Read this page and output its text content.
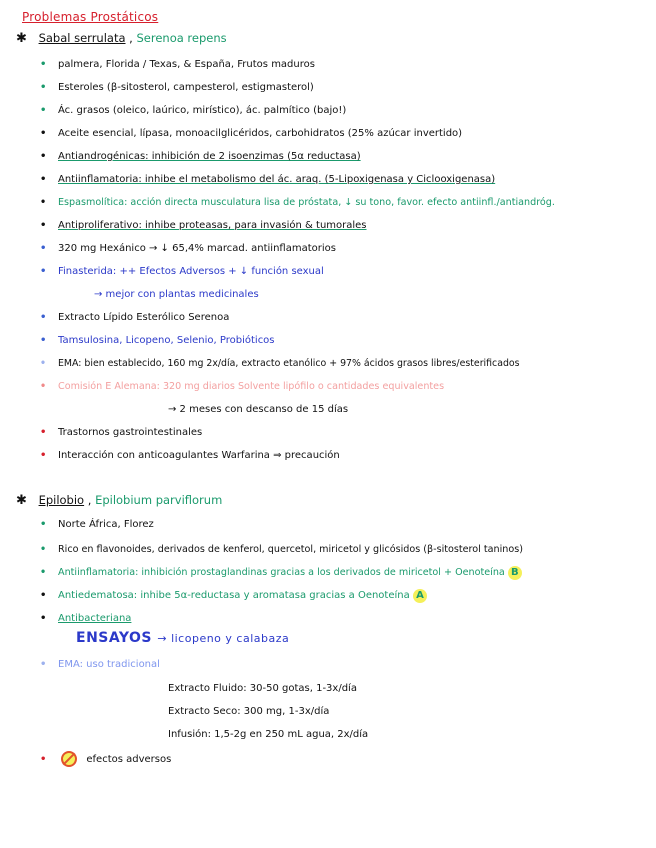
Problemas Prostáticos
✱ Sabal serrulata , Serenoa repens
• palmera, Florida / Texas, & España, Frutos maduros
• Esteroles (β-sitosterol, campesterol, estigmasterol)
• Ác. grasos (oleico, laúrico, mirístico), ác. palmítico (bajo!)
• Aceite esencial, lípasa, monoacilglicéridos, carbohidratos (25% azúcar invertido)
• Antiandrogénicas: inhibición de 2 isoenzimas (5α reductasa)
• Antiinflamatoria: inhibe el metabolismo del ác. araq. (5-Lipoxigenasa y Ciclooxigenasa)
• Espasmolítica: acción directa musculatura lisa de próstata, ↓ su tono, favor. efecto antiinfl./antiandróg.
• Antiproliferativo: inhibe proteasas, para invasión & tumorales
• 320 mg Hexánico → ↓ 65,4% marcad. antiinflamatorios
• Finasterida: ++ Efectos Adversos + ↓ función sexual
→ mejor con plantas medicinales
• Extracto Lípido Esterólico Serenoa
• Tamsulosina, Licopeno, Selenio, Probióticos
• EMA: bien establecido, 160 mg 2x/día, extracto etanólico + 97% ácidos grasos libres/esterificados
• Comisión E Alemana: 320 mg diarios Solvente lipófilo o cantidades equivalentes
→ 2 meses con descanso de 15 días
• Trastornos gastrointestinales
• Interacción con anticoagulantes Warfarina ⇒ precaución
✱ Epilobio , Epilobium parviflorum
• Norte África, Florez
• Rico en flavonoides, derivados de kenferol, quercetol, miricetol y glicósidos (β-sitosterol taninos)
• Antiinflamatoria: inhibición prostaglandinas gracias a los derivados de miricetol + Oenoteína B
• Antiedematosa: inhibe 5α-reductasa y aromatasa gracias a Oenoteína A
• Antibacteriana
ENSAYOS → licopeno y calabaza
• EMA: uso tradicional
Extracto Fluido: 30-50 gotas, 1-3x/día
Extracto Seco: 300 mg, 1-3x/día
Infusión: 1,5-2g en 250 mL agua, 2x/día
•	efectos adversos
